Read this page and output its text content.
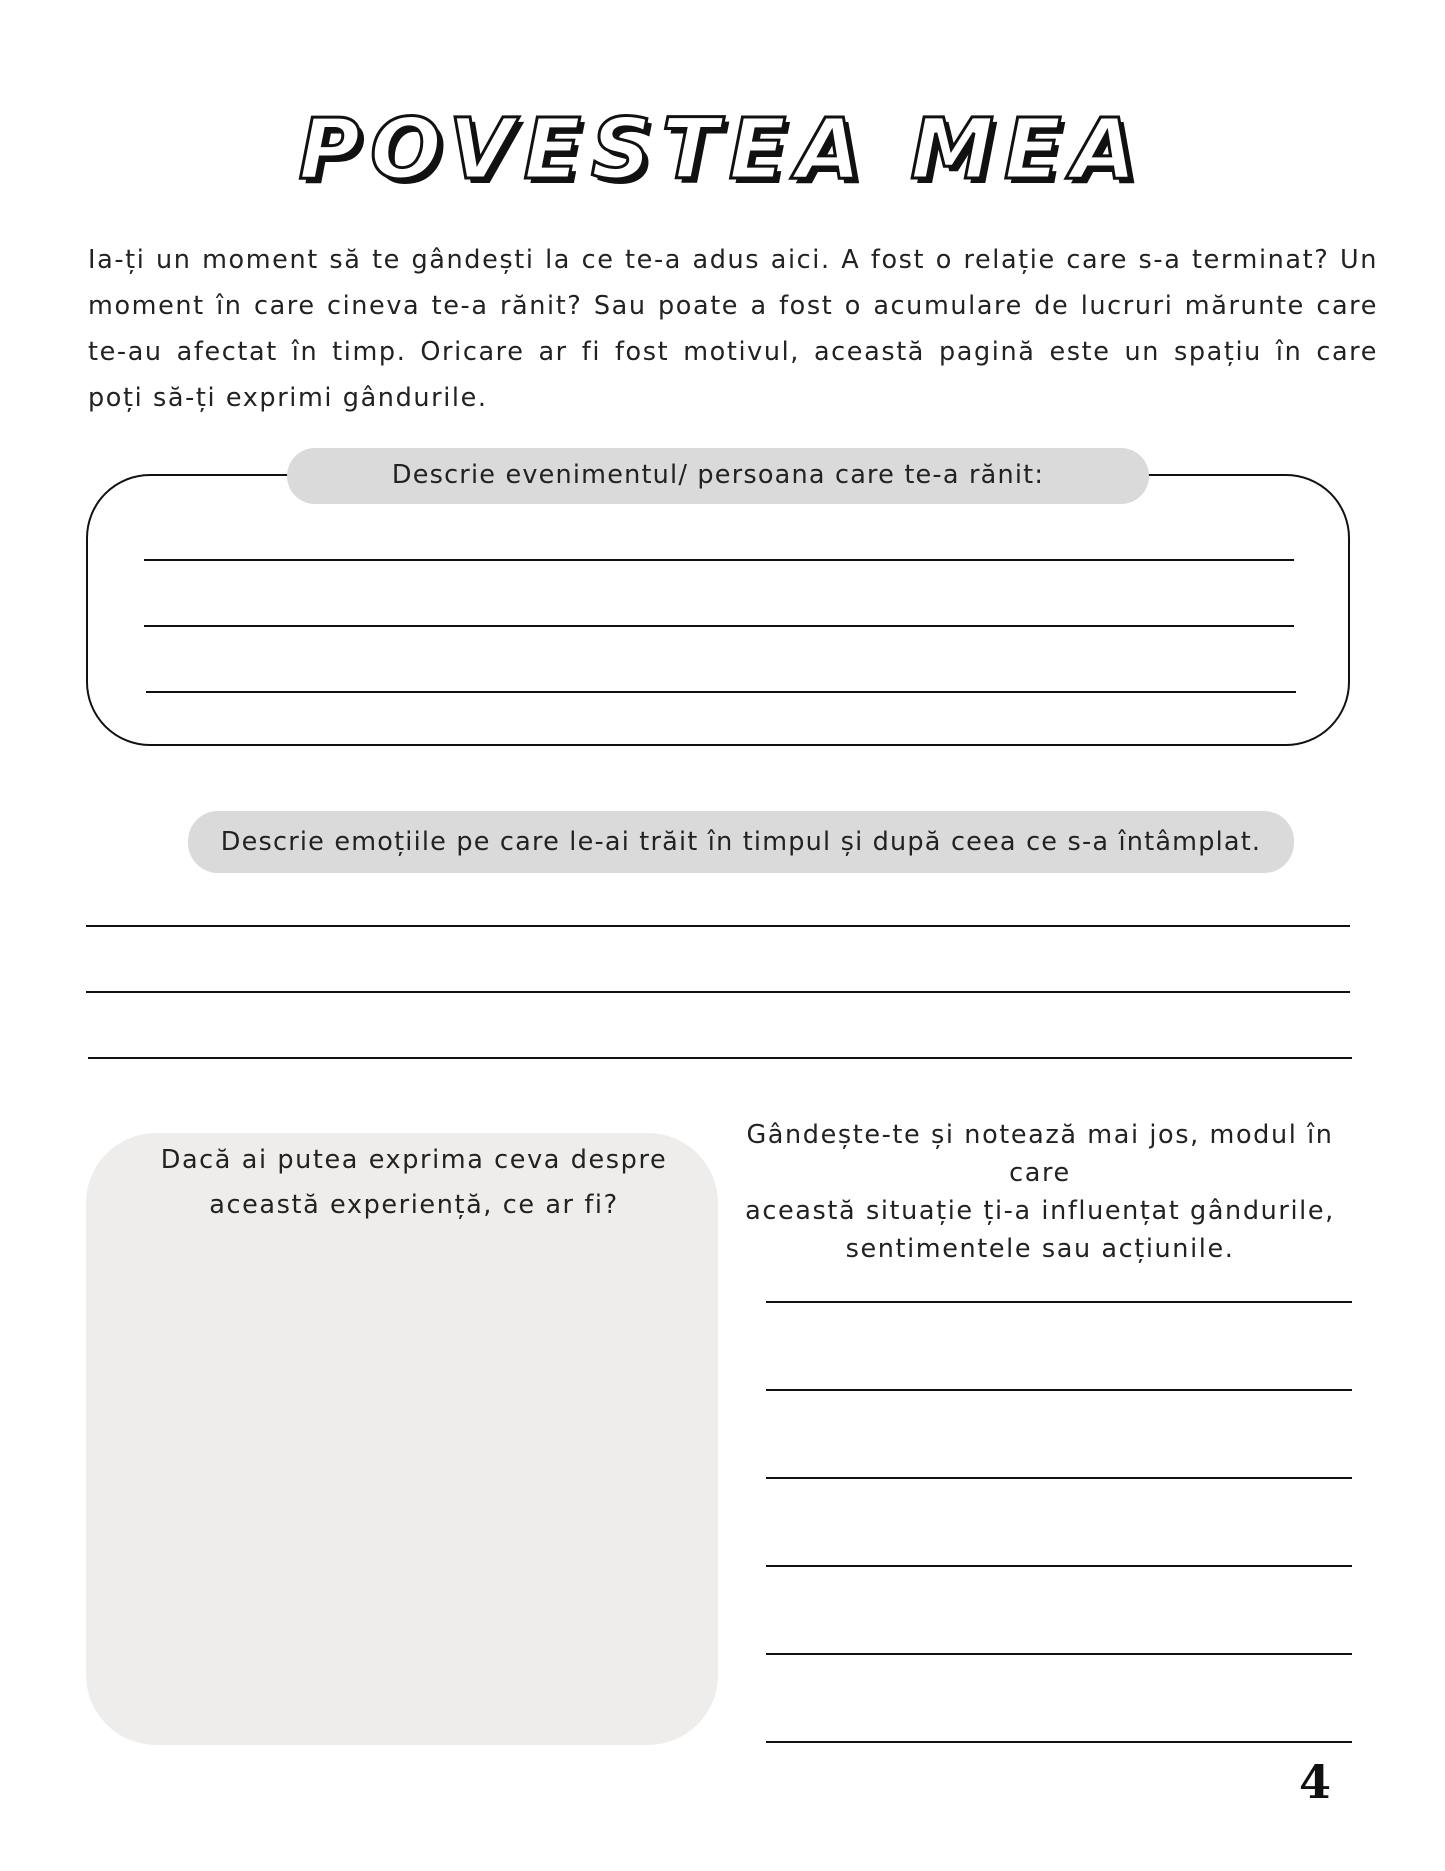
POVESTEA MEA
Ia-ți un moment să te gândești la ce te-a adus aici. A fost o relație care s-a terminat? Un moment în care cineva te-a rănit? Sau poate a fost o acumulare de lucruri mărunte care te-au afectat în timp. Oricare ar fi fost motivul, această pagină este un spațiu în care poți să-ți exprimi gândurile.
Descrie evenimentul/ persoana care te-a rănit:
Descrie emoțiile pe care le-ai trăit în timpul și după ceea ce s-a întâmplat.
Dacă ai putea exprima ceva despre
această experiență, ce ar fi?
Gândește-te și notează mai jos, modul în care
această situație ți-a influențat gândurile,
sentimentele sau acțiunile.
4
